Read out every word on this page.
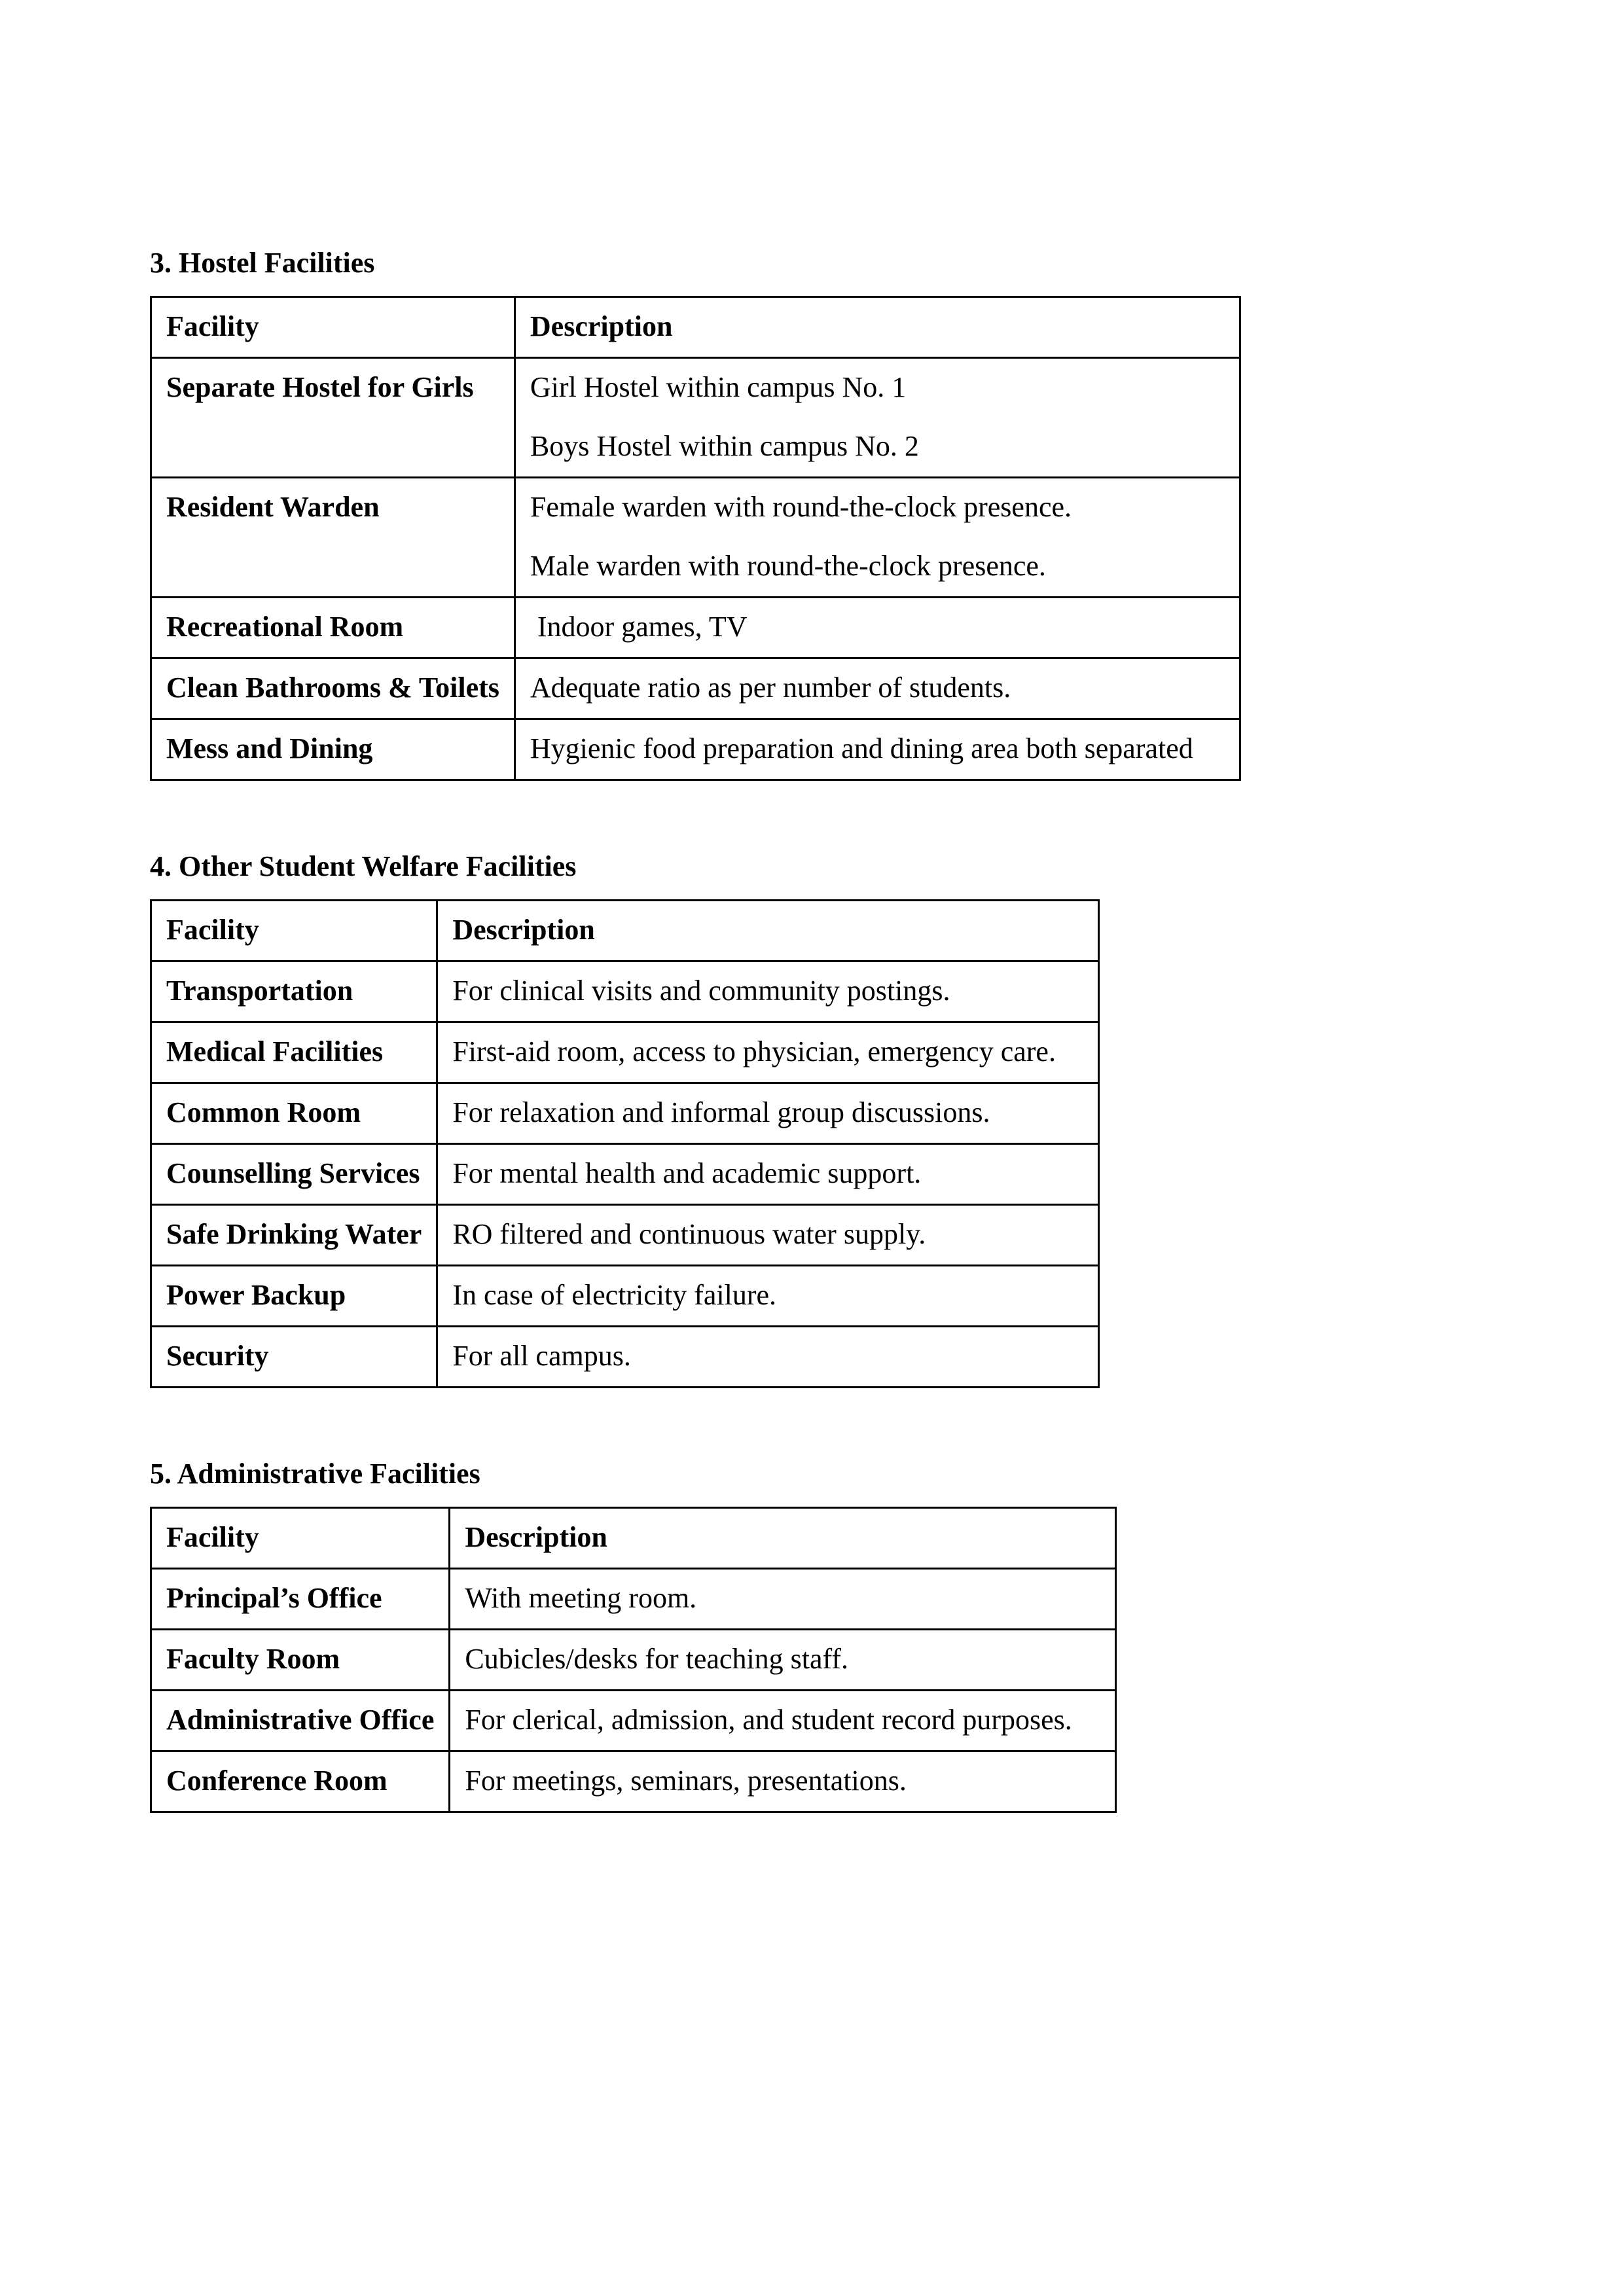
3. Hostel Facilities
Facility	Description
Separate Hostel for Girls	Girl Hostel within campus No. 1
Boys Hostel within campus No. 2

Resident Warden	Female warden with round-the-clock presence.
Male warden with round-the-clock presence.

Recreational Room	Indoor games, TV

Clean Bathrooms & Toilets	Adequate ratio as per number of students.

Mess and Dining	Hygienic food preparation and dining area both separated
4. Other Student Welfare Facilities
Facility	Description
Transportation	For clinical visits and community postings.

Medical Facilities	First-aid room, access to physician, emergency care.

Common Room	For relaxation and informal group discussions.

Counselling Services	For mental health and academic support.

Safe Drinking Water	RO filtered and continuous water supply.

Power Backup	In case of electricity failure.

Security	For all campus.
5. Administrative Facilities
Facility	Description
Principal’s Office	With meeting room.

Faculty Room	Cubicles/desks for teaching staff.

Administrative Office	For clerical, admission, and student record purposes.

Conference Room	For meetings, seminars, presentations.
